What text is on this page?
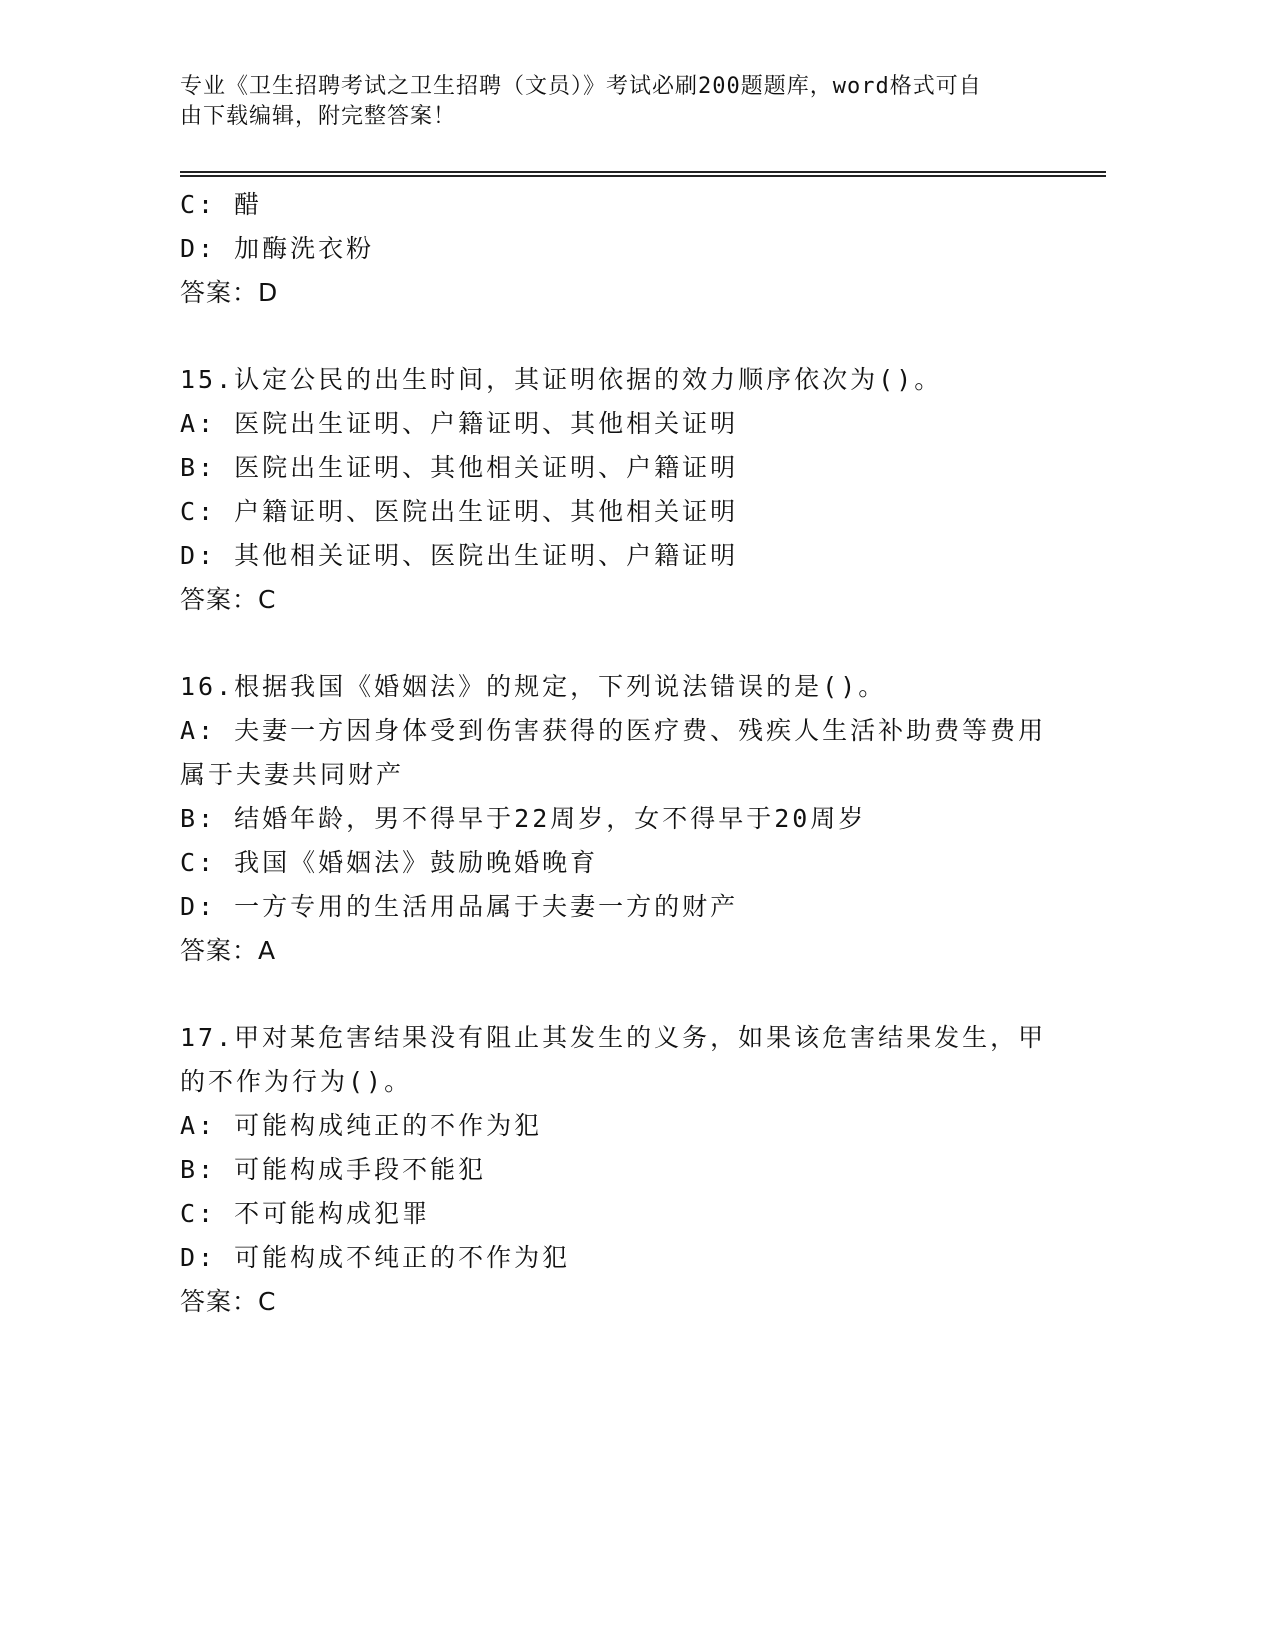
专业《卫生招聘考试之卫生招聘（文员）》考试必刷200题题库，word格式可自
由下载编辑，附完整答案！
C: 醋
D: 加酶洗衣粉
答案：D
15.认定公民的出生时间，其证明依据的效力顺序依次为()。
A: 医院出生证明、户籍证明、其他相关证明
B: 医院出生证明、其他相关证明、户籍证明
C: 户籍证明、医院出生证明、其他相关证明
D: 其他相关证明、医院出生证明、户籍证明
答案：C
16.根据我国《婚姻法》的规定，下列说法错误的是()。
A: 夫妻一方因身体受到伤害获得的医疗费、残疾人生活补助费等费用
属于夫妻共同财产
B: 结婚年龄，男不得早于22周岁，女不得早于20周岁
C: 我国《婚姻法》鼓励晚婚晚育
D: 一方专用的生活用品属于夫妻一方的财产
答案：A
17.甲对某危害结果没有阻止其发生的义务，如果该危害结果发生，甲
的不作为行为()。
A: 可能构成纯正的不作为犯
B: 可能构成手段不能犯
C: 不可能构成犯罪
D: 可能构成不纯正的不作为犯
答案：C
